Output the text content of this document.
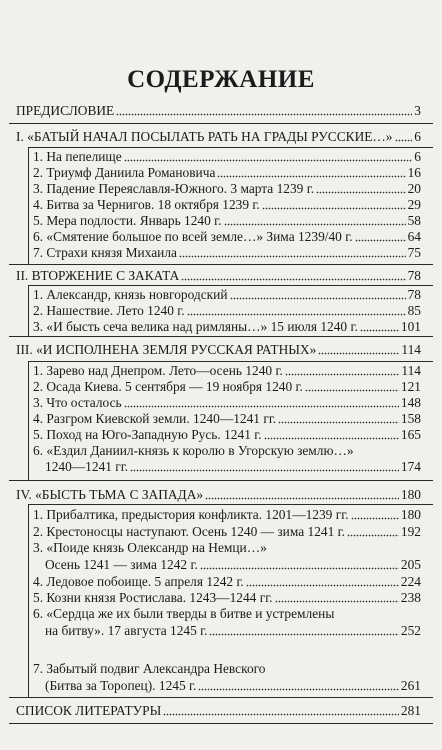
СОДЕРЖАНИЕ
ПРЕДИСЛОВИЕ	3
I. «БАТЫЙ НАЧАЛ ПОСЫЛАТЬ РАТЬ НА ГРАДЫ РУССКИЕ…» 6
1. На пепелище	6
2. Триумф Даниила Романовича	16
3. Падение Переяславля-Южного. 3 марта 1239 г.	20
4. Битва за Чернигов. 18 октября 1239 г.	29
5. Мера подлости. Январь 1240 г.	58
6. «Смятение большое по всей земле…» Зима 1239/40 г.	64
7. Страхи князя Михаила	75
II. ВТОРЖЕНИЕ С ЗАКАТА	78
1. Александр, князь новгородский	78
2. Нашествие. Лето 1240 г.	85
3. «И бысть сеча велика над римляны…» 15 июля 1240 г.	101
III. «И ИСПОЛНЕНА ЗЕМЛЯ РУССКАЯ РАТНЫХ»	114
1. Зарево над Днепром. Лето—осень 1240 г.	114
2. Осада Киева. 5 сентября — 19 ноября 1240 г.	121
3. Что осталось	148
4. Разгром Киевской земли. 1240—1241 гг.	158
5. Поход на Юго-Западную Русь. 1241 г.	165
6. «Ездил Даниил-князь к королю в Угорскую землю…»
1240—1241 гг.	174
IV. «БЫСТЬ ТЬМА С ЗАПАДА»	180
1. Прибалтика, предыстория конфликта. 1201—1239 гг.	180
2. Крестоносцы наступают. Осень 1240 — зима 1241 г.	192
3. «Поиде князь Олександр на Немци…»
Осень 1241 — зима 1242 г.	205
4. Ледовое побоище. 5 апреля 1242 г.	224
5. Козни князя Ростислава. 1243—1244 гг.	238
6. «Сердца же их были тверды в битве и устремлены
на битву». 17 августа 1245 г.	252
7. Забытый подвиг Александра Невского
(Битва за Торопец). 1245 г.	261
СПИСОК ЛИТЕРАТУРЫ	281
